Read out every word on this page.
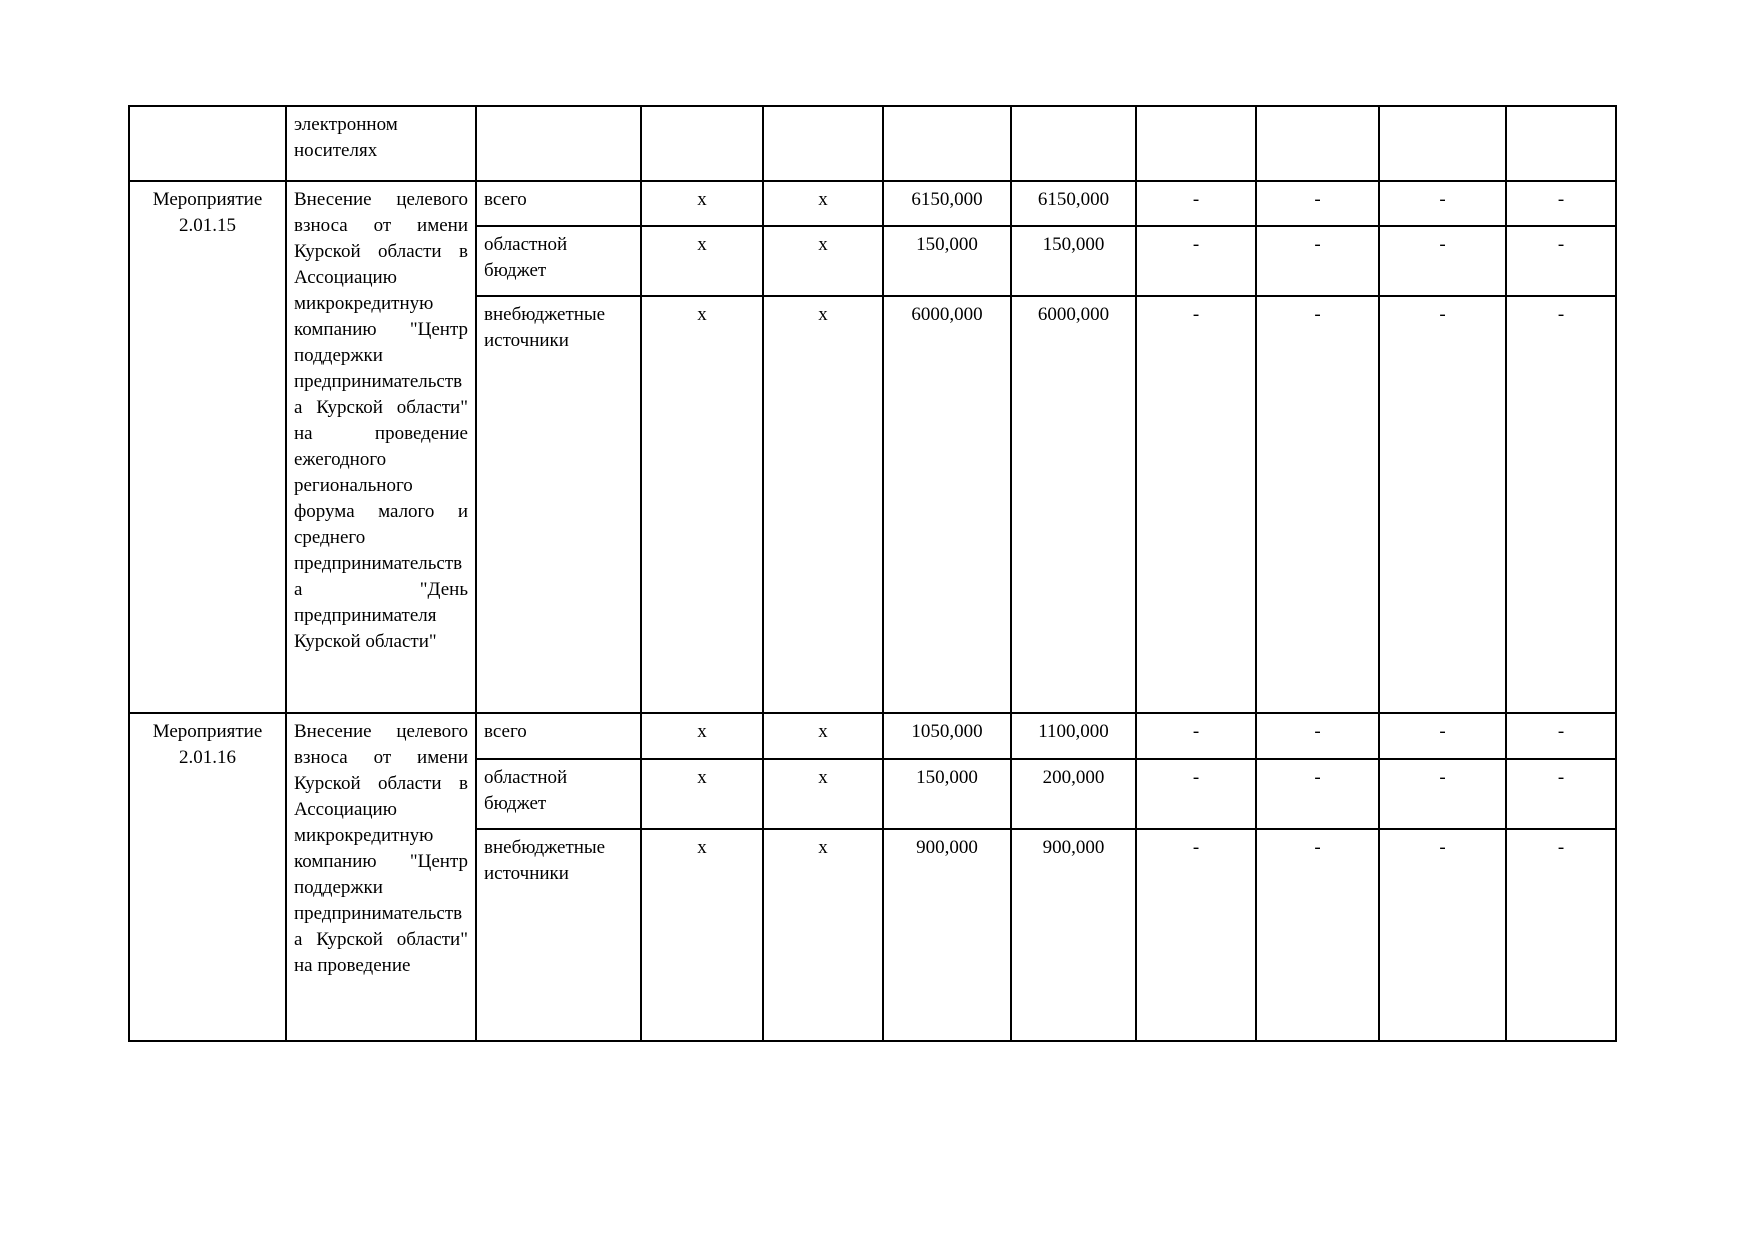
	электронном носителях									

Мероприятие
2.01.15	Внесение целевого взноса от имени Курской области в Ассоциацию микрокредитную компанию "Центр поддержки предпринимательства Курской области" на проведение ежегодного регионального форума малого и среднего предпринимательства "День предпринимателя Курской области"	всего	х	х	6150,000	6150,000	-	-	-	-
		областной бюджет	х	х	150,000	150,000	-	-	-	-
		внебюджетные источники	х	х	6000,000	6000,000	-	-	-	-

Мероприятие
2.01.16	Внесение целевого взноса от имени Курской области в Ассоциацию микрокредитную компанию "Центр поддержки предпринимательства Курской области" на проведение	всего	х	х	1050,000	1100,000	-	-	-	-
		областной бюджет	х	х	150,000	200,000	-	-	-	-
		внебюджетные источники	х	х	900,000	900,000	-	-	-	-
